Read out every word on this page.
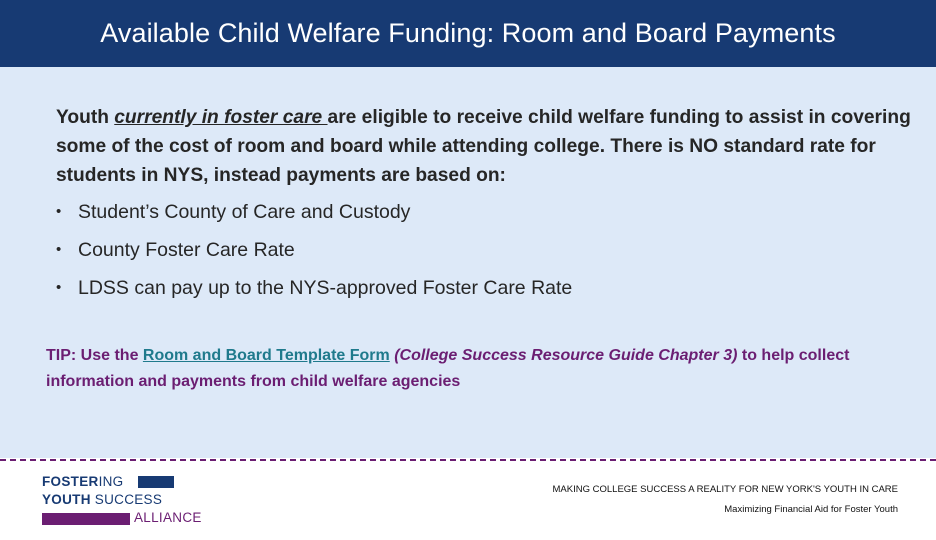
Available Child Welfare Funding: Room and Board Payments
Youth currently in foster care are eligible to receive child welfare funding to assist in covering some of the cost of room and board while attending college. There is NO standard rate for students in NYS, instead payments are based on:
• Student’s County of Care and Custody
• County Foster Care Rate
• LDSS can pay up to the NYS-approved Foster Care Rate
TIP: Use the Room and Board Template Form (College Success Resource Guide Chapter 3) to help collect information and payments from child welfare agencies
FOSTERING
YOUTH SUCCESS
ALLIANCE
MAKING COLLEGE SUCCESS A REALITY FOR NEW YORK'S YOUTH IN CARE
Maximizing Financial Aid for Foster Youth
